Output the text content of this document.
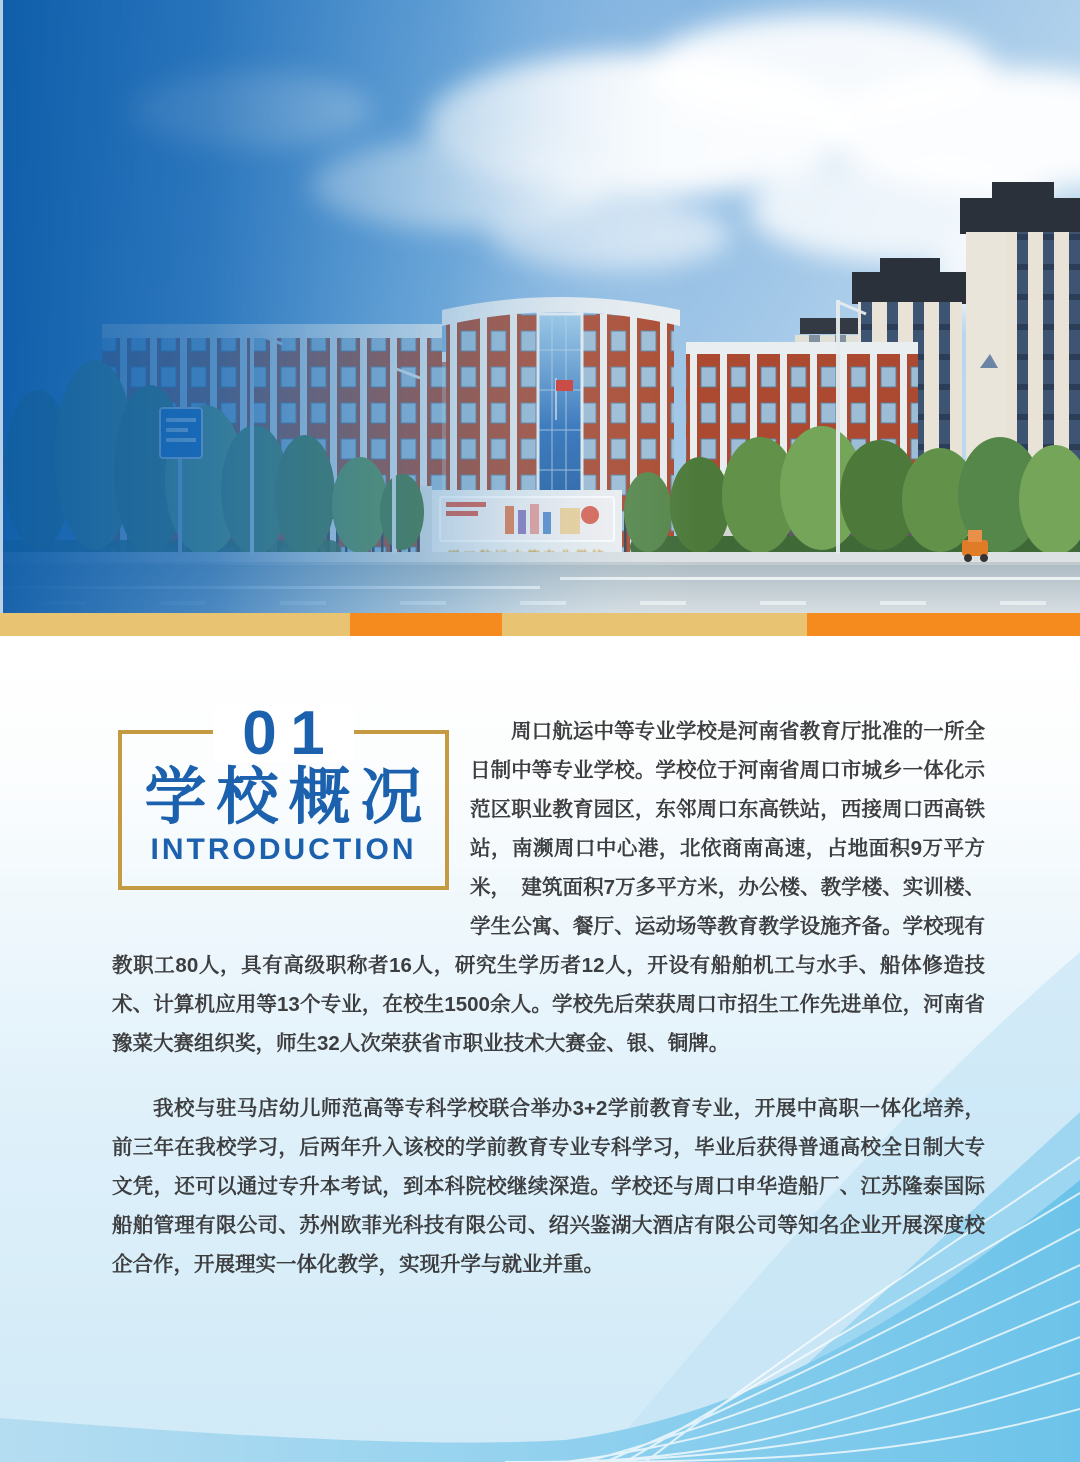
01
学校概况
INTRODUCTION

周口航运中等专业学校是河南省教育厅批准的一所全日制中等专业学校。学校位于河南省周口市城乡一体化示范区职业教育园区，东邻周口东高铁站，西接周口西高铁站，南濒周口中心港，北依商南高速，占地面积9万平方米，　建筑面积7万多平方米，办公楼、教学楼、实训楼、学生公寓、餐厅、运动场等教育教学设施齐备。学校现有教职工80人，具有高级职称者16人，研究生学历者12人，开设有船舶机工与水手、船体修造技术、计算机应用等13个专业，在校生1500余人。学校先后荣获周口市招生工作先进单位，河南省豫菜大赛组织奖，师生32人次荣获省市职业技术大赛金、银、铜牌。

我校与驻马店幼儿师范高等专科学校联合举办3+2学前教育专业，开展中高职一体化培养，前三年在我校学习，后两年升入该校的学前教育专业专科学习，毕业后获得普通高校全日制大专文凭，还可以通过专升本考试，到本科院校继续深造。学校还与周口申华造船厂、江苏隆泰国际船舶管理有限公司、苏州欧菲光科技有限公司、绍兴鉴湖大酒店有限公司等知名企业开展深度校企合作，开展理实一体化教学，实现升学与就业并重。
